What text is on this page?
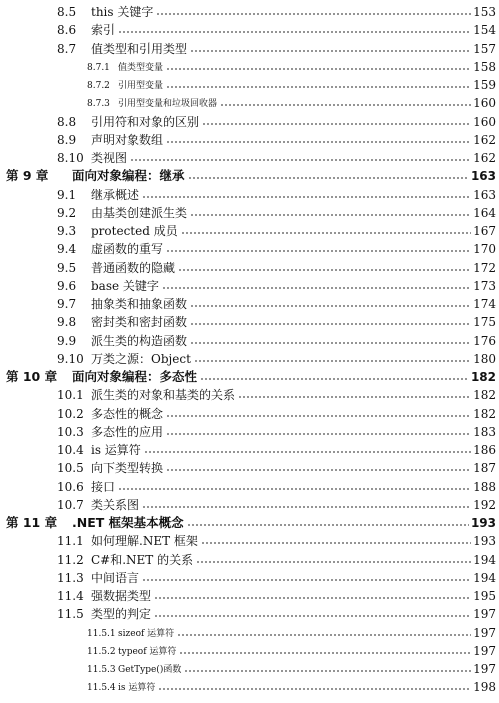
8.5	this 关键字	153
8.6	索引	154
8.7	值类型和引用类型	157
8.7.1 值类型变量	158
8.7.2 引用型变量	159
8.7.3 引用型变量和垃圾回收器	160
8.8	引用符和对象的区别	160
8.9	声明对象数组	162
8.10 类视图	162
第 9 章	面向对象编程：继承	163
9.1	继承概述	163
9.2	由基类创建派生类	164
9.3	protected 成员	167
9.4	虚函数的重写	170
9.5	普通函数的隐藏	172
9.6	base 关键字	173
9.7	抽象类和抽象函数	174
9.8	密封类和密封函数	175
9.9	派生类的构造函数	176
9.10 万类之源：Object	180
第 10 章	面向对象编程：多态性	182
10.1 派生类的对象和基类的关系	182
10.2 多态性的概念	182
10.3 多态性的应用	183
10.4 is 运算符	186
10.5 向下类型转换	187
10.6 接口	188
10.7 类关系图	192
第 11 章	.NET 框架基本概念	193
11.1 如何理解.NET 框架	193
11.2 C#和.NET 的关系	194
11.3 中间语言	194
11.4 强数据类型	195
11.5 类型的判定	197
11.5.1 sizeof 运算符	197
11.5.2 typeof 运算符	197
11.5.3 GetType()函数	197
11.5.4 is 运算符	198
